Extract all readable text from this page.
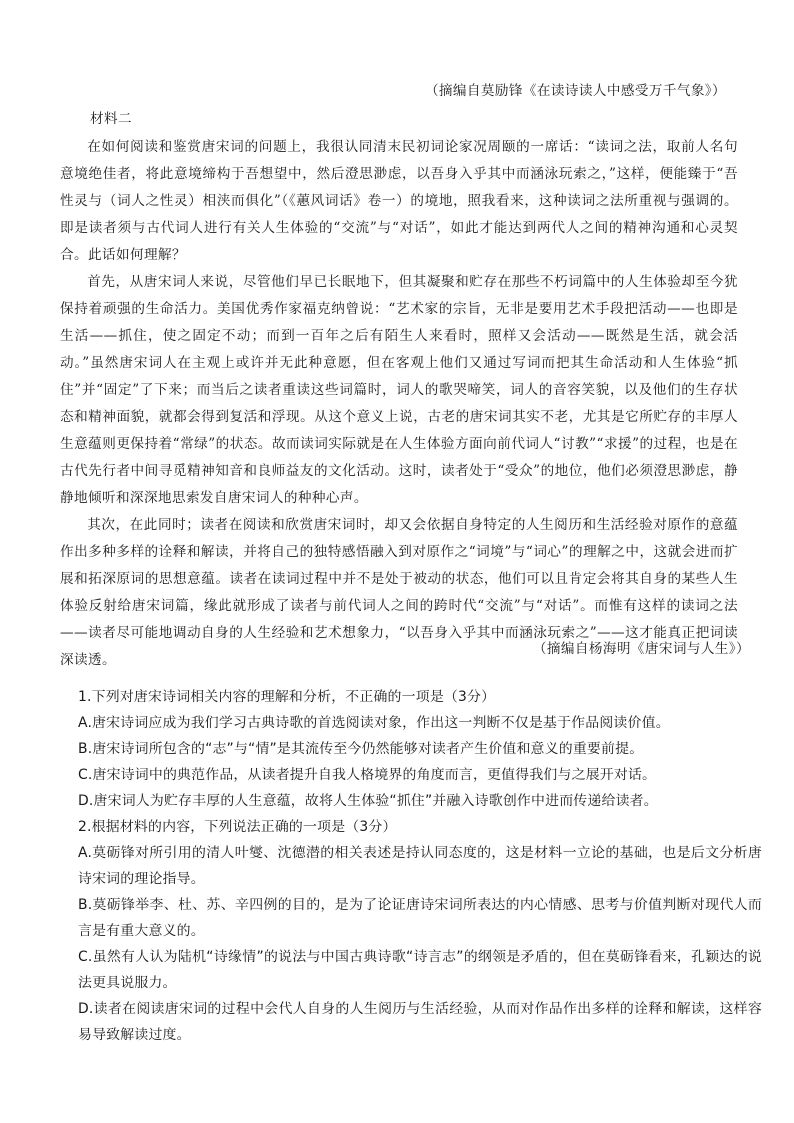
（摘编自莫励锋《在读诗读人中感受万千气象》）
材料二

在如何阅读和鉴赏唐宋词的问题上，我很认同清末民初词论家况周颐的一席话：“读词之法，取前人名句意境绝佳者，将此意境缔构于吾想望中，然后澄思渺虑，以吾身入乎其中而涵泳玩索之，”这样，便能臻于“吾性灵与（词人之性灵）相浃而俱化”（《蕙风词话》卷一）的境地，照我看来，这种读词之法所重视与强调的。即是读者须与古代词人进行有关人生体验的“交流”与“对话”，如此才能达到两代人之间的精神沟通和心灵契合。此话如何理解？

首先，从唐宋词人来说，尽管他们早已长眠地下，但其凝聚和贮存在那些不朽词篇中的人生体验却至今犹保持着顽强的生命活力。美国优秀作家福克纳曾说：“艺术家的宗旨，无非是要用艺术手段把活动——也即是生活——抓住，使之固定不动；而到一百年之后有陌生人来看时，照样又会活动——既然是生活，就会活动。”虽然唐宋词人在主观上或许并无此种意愿，但在客观上他们又通过写词而把其生命活动和人生体验“抓住”并“固定”了下来；而当后之读者重读这些词篇时，词人的歌哭啼笑，词人的音容笑貌，以及他们的生存状态和精神面貌，就都会得到复活和浮现。从这个意义上说，古老的唐宋词其实不老，尤其是它所贮存的丰厚人生意蕴则更保持着“常绿”的状态。故而读词实际就是在人生体验方面向前代词人“讨教”“求援”的过程，也是在古代先行者中间寻觅精神知音和良师益友的文化活动。这时，读者处于“受众”的地位，他们必须澄思渺虑，静静地倾听和深深地思索发自唐宋词人的种种心声。

其次，在此同时；读者在阅读和欣赏唐宋词时，却又会依据自身特定的人生阅历和生活经验对原作的意蕴作出多种多样的诠释和解读，并将自己的独特感悟融入到对原作之“词境”与“词心”的理解之中，这就会进而扩展和拓深原词的思想意蕴。读者在读词过程中并不是处于被动的状态，他们可以且肯定会将其自身的某些人生体验反射给唐宋词篇，缘此就形成了读者与前代词人之间的跨时代“交流”与“对话”。而惟有这样的读词之法——读者尽可能地调动自身的人生经验和艺术想象力，“以吾身入乎其中而涵泳玩索之”——这才能真正把词读深读透。

（摘编自杨海明《唐宋词与人生》）

1.下列对唐宋诗词相关内容的理解和分析，不正确的一项是（3分）

A.唐宋诗词应成为我们学习古典诗歌的首选阅读对象，作出这一判断不仅是基于作品阅读价值。

B.唐宋诗词所包含的“志”与“情”是其流传至今仍然能够对读者产生价值和意义的重要前提。

C.唐宋诗词中的典范作品，从读者提升自我人格境界的角度而言，更值得我们与之展开对话。

D.唐宋词人为贮存丰厚的人生意蕴，故将人生体验“抓住”并融入诗歌创作中进而传递给读者。

2.根据材料的内容，下列说法正确的一项是（3分）

A.莫砺锋对所引用的清人叶燮、沈德潜的相关表述是持认同态度的，这是材料一立论的基础，也是后文分析唐诗宋词的理论指导。

B.莫砺锋举李、杜、苏、辛四例的目的，是为了论证唐诗宋词所表达的内心情感、思考与价值判断对现代人而言是有重大意义的。

C.虽然有人认为陆机“诗缘情”的说法与中国古典诗歌“诗言志”的纲领是矛盾的，但在莫砺锋看来，孔颖达的说法更具说服力。

D.读者在阅读唐宋词的过程中会代人自身的人生阅历与生活经验，从而对作品作出多样的诠释和解读，这样容易导致解读过度。
